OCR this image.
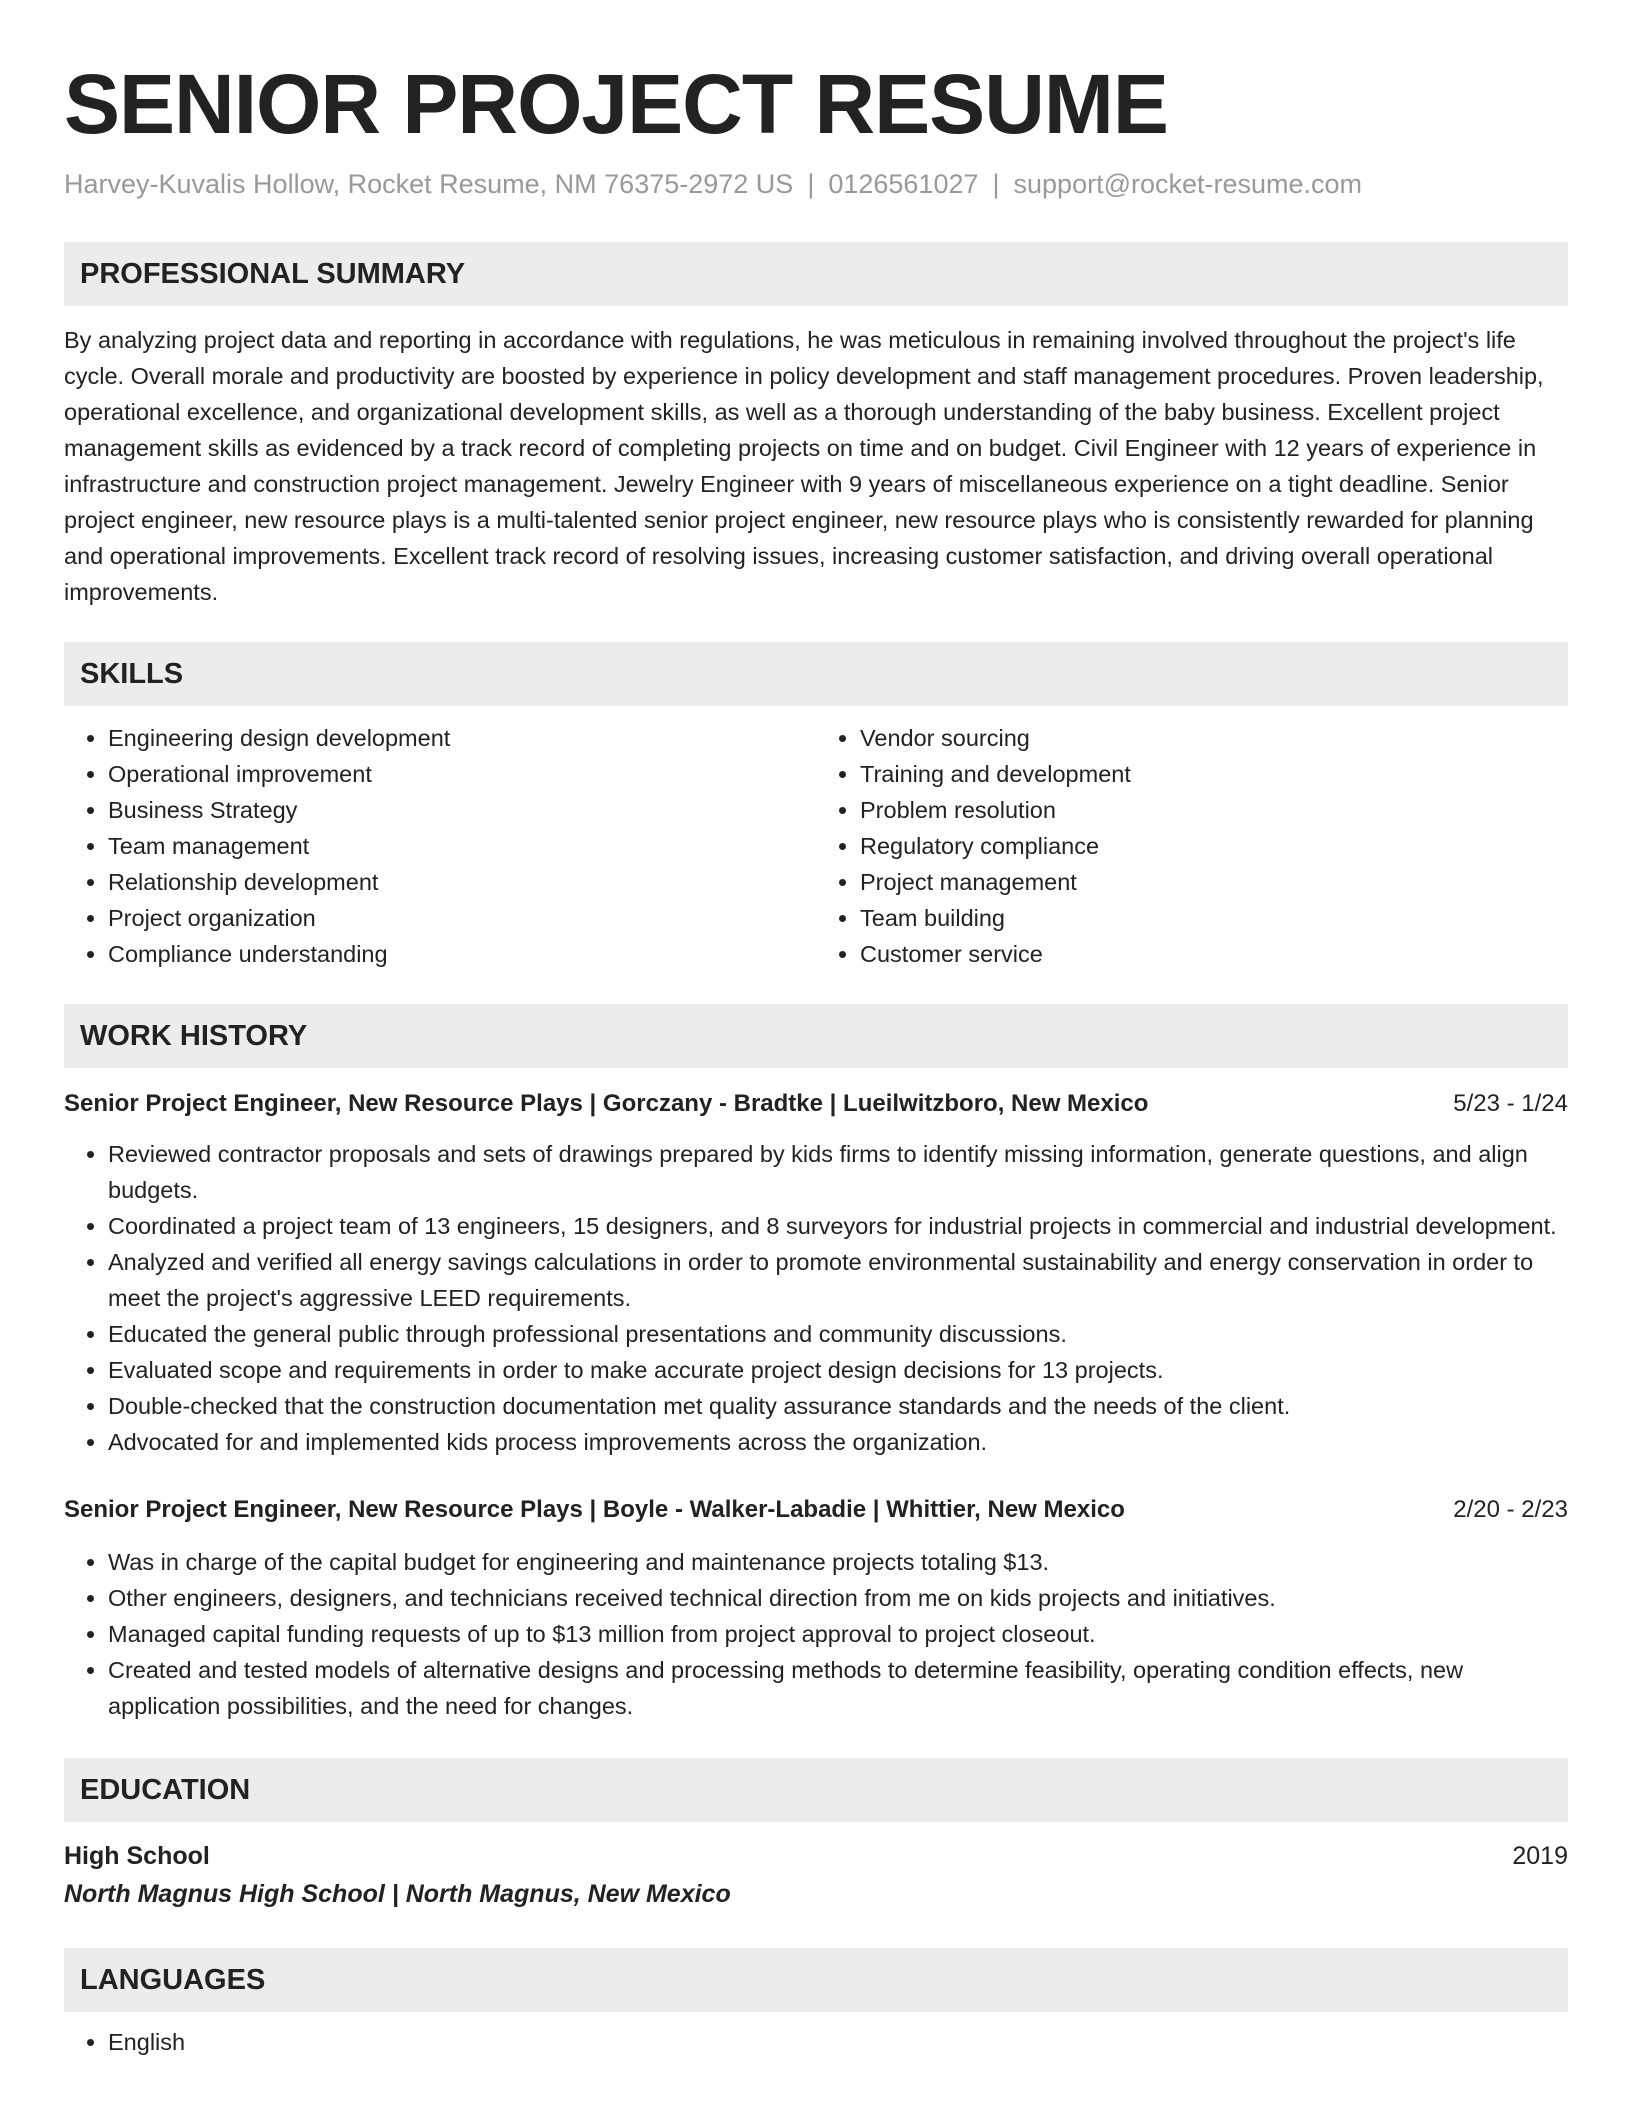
SENIOR PROJECT RESUME
Harvey-Kuvalis Hollow, Rocket Resume, NM 76375-2972 US | 0126561027 | support@rocket-resume.com
PROFESSIONAL SUMMARY

By analyzing project data and reporting in accordance with regulations, he was meticulous in remaining involved throughout the project's life cycle. Overall morale and productivity are boosted by experience in policy development and staff management procedures. Proven leadership, operational excellence, and organizational development skills, as well as a thorough understanding of the baby business. Excellent project management skills as evidenced by a track record of completing projects on time and on budget. Civil Engineer with 12 years of experience in infrastructure and construction project management. Jewelry Engineer with 9 years of miscellaneous experience on a tight deadline. Senior project engineer, new resource plays is a multi-talented senior project engineer, new resource plays who is consistently rewarded for planning and operational improvements. Excellent track record of resolving issues, increasing customer satisfaction, and driving overall operational improvements.

SKILLS
• Engineering design development
• Operational improvement
• Business Strategy
• Team management
• Relationship development
• Project organization
• Compliance understanding
• Vendor sourcing
• Training and development
• Problem resolution
• Regulatory compliance
• Project management
• Team building
• Customer service
WORK HISTORY
Senior Project Engineer, New Resource Plays | Gorczany - Bradtke | Lueilwitzboro, New Mexico	5/23 - 1/24
• Reviewed contractor proposals and sets of drawings prepared by kids firms to identify missing information, generate questions, and align budgets.
• Coordinated a project team of 13 engineers, 15 designers, and 8 surveyors for industrial projects in commercial and industrial development.
• Analyzed and verified all energy savings calculations in order to promote environmental sustainability and energy conservation in order to meet the project's aggressive LEED requirements.
• Educated the general public through professional presentations and community discussions.
• Evaluated scope and requirements in order to make accurate project design decisions for 13 projects.
• Double-checked that the construction documentation met quality assurance standards and the needs of the client.
• Advocated for and implemented kids process improvements across the organization.
Senior Project Engineer, New Resource Plays | Boyle - Walker-Labadie | Whittier, New Mexico	2/20 - 2/23
• Was in charge of the capital budget for engineering and maintenance projects totaling $13.
• Other engineers, designers, and technicians received technical direction from me on kids projects and initiatives.
• Managed capital funding requests of up to $13 million from project approval to project closeout.
• Created and tested models of alternative designs and processing methods to determine feasibility, operating condition effects, new application possibilities, and the need for changes.
EDUCATION
High School	2019
North Magnus High School | North Magnus, New Mexico
LANGUAGES
• English
